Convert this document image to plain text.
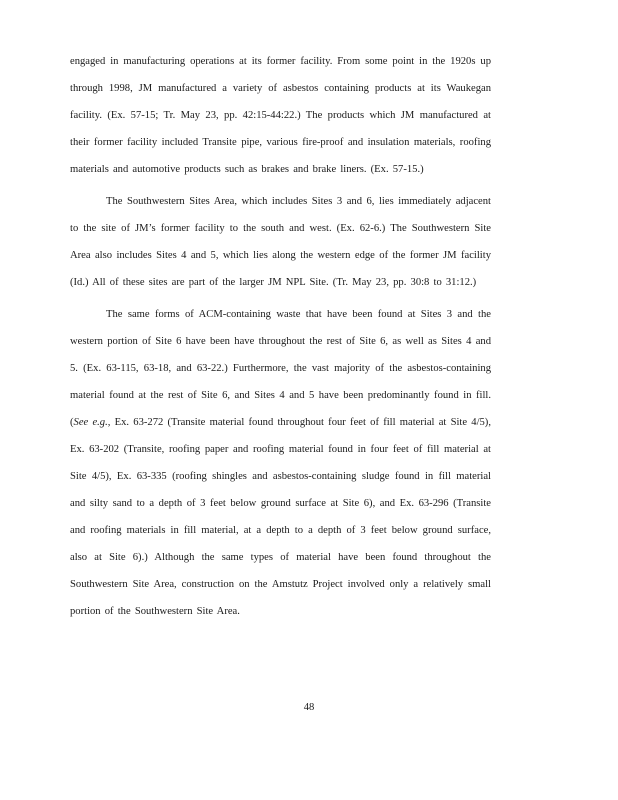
engaged in manufacturing operations at its former facility. From some point in the 1920s up through 1998, JM manufactured a variety of asbestos containing products at its Waukegan facility. (Ex. 57-15; Tr. May 23, pp. 42:15-44:22.) The products which JM manufactured at their former facility included Transite pipe, various fire-proof and insulation materials, roofing materials and automotive products such as brakes and brake liners. (Ex. 57-15.)

The Southwestern Sites Area, which includes Sites 3 and 6, lies immediately adjacent to the site of JM’s former facility to the south and west. (Ex. 62-6.) The Southwestern Site Area also includes Sites 4 and 5, which lies along the western edge of the former JM facility (Id.) All of these sites are part of the larger JM NPL Site. (Tr. May 23, pp. 30:8 to 31:12.)

The same forms of ACM-containing waste that have been found at Sites 3 and the western portion of Site 6 have been have throughout the rest of Site 6, as well as Sites 4 and 5. (Ex. 63-115, 63-18, and 63-22.) Furthermore, the vast majority of the asbestos-containing material found at the rest of Site 6, and Sites 4 and 5 have been predominantly found in fill. (See e.g., Ex. 63-272 (Transite material found throughout four feet of fill material at Site 4/5), Ex. 63-202 (Transite, roofing paper and roofing material found in four feet of fill material at Site 4/5), Ex. 63-335 (roofing shingles and asbestos-containing sludge found in fill material and silty sand to a depth of 3 feet below ground surface at Site 6), and Ex. 63-296 (Transite and roofing materials in fill material, at a depth to a depth of 3 feet below ground surface, also at Site 6).) Although the same types of material have been found throughout the Southwestern Site Area, construction on the Amstutz Project involved only a relatively small portion of the Southwestern Site Area.

48
